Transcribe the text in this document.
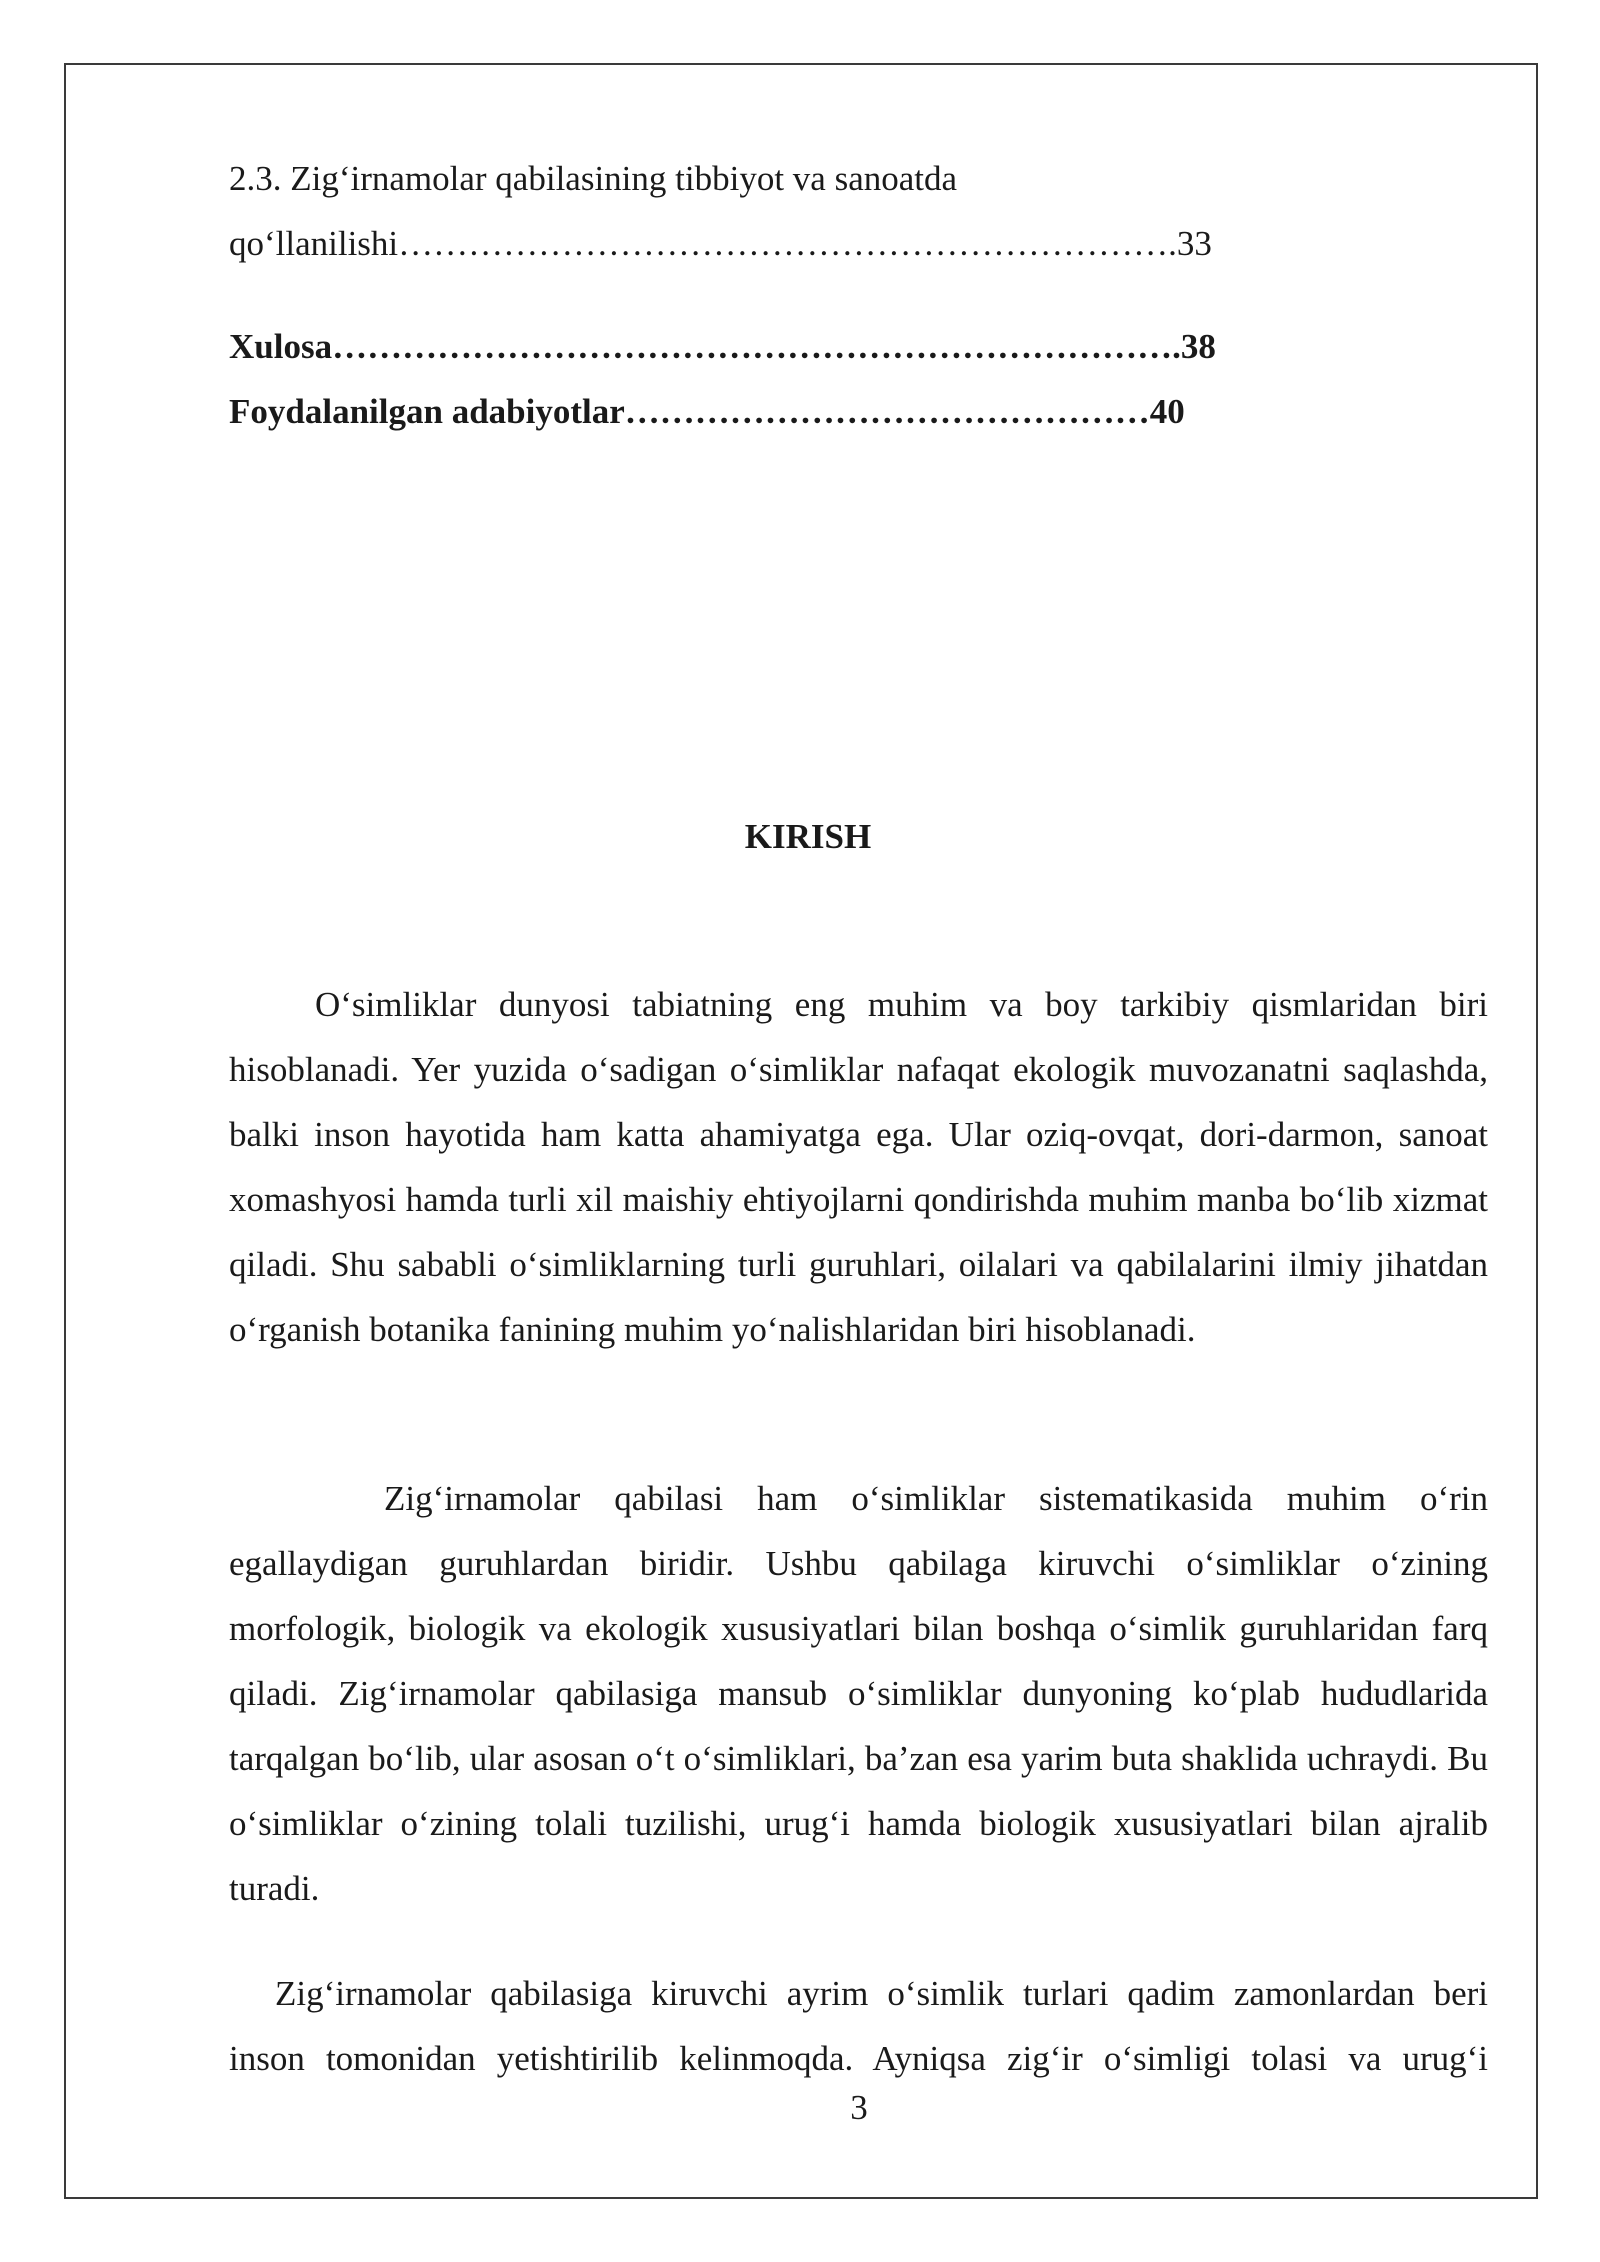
2.3. Zig‘irnamolar qabilasining tibbiyot va sanoatda
qo‘llanilishi………………………………………………………….33
Xulosa……………………………………………………………….38
Foydalanilgan adabiyotlar………………………………………40
KIRISH

O‘simliklar dunyosi tabiatning eng muhim va boy tarkibiy qismlaridan biri hisoblanadi. Yer yuzida o‘sadigan o‘simliklar nafaqat ekologik muvozanatni saqlashda, balki inson hayotida ham katta ahamiyatga ega. Ular oziq-ovqat, dori-darmon, sanoat xomashyosi hamda turli xil maishiy ehtiyojlarni qondirishda muhim manba bo‘lib xizmat qiladi. Shu sababli o‘simliklarning turli guruhlari, oilalari va qabilalarini ilmiy jihatdan o‘rganish botanika fanining muhim yo‘nalishlaridan biri hisoblanadi.

Zig‘irnamolar qabilasi ham o‘simliklar sistematikasida muhim o‘rin egallaydigan guruhlardan biridir. Ushbu qabilaga kiruvchi o‘simliklar o‘zining morfologik, biologik va ekologik xususiyatlari bilan boshqa o‘simlik guruhlaridan farq qiladi. Zig‘irnamolar qabilasiga mansub o‘simliklar dunyoning ko‘plab hududlarida tarqalgan bo‘lib, ular asosan o‘t o‘simliklari, ba’zan esa yarim buta shaklida uchraydi. Bu o‘simliklar o‘zining tolali tuzilishi, urug‘i hamda biologik xususiyatlari bilan ajralib turadi.

Zig‘irnamolar qabilasiga kiruvchi ayrim o‘simlik turlari qadim zamonlardan beri inson tomonidan yetishtirilib kelinmoqda. Ayniqsa zig‘ir o‘simligi tolasi va urug‘i

3
